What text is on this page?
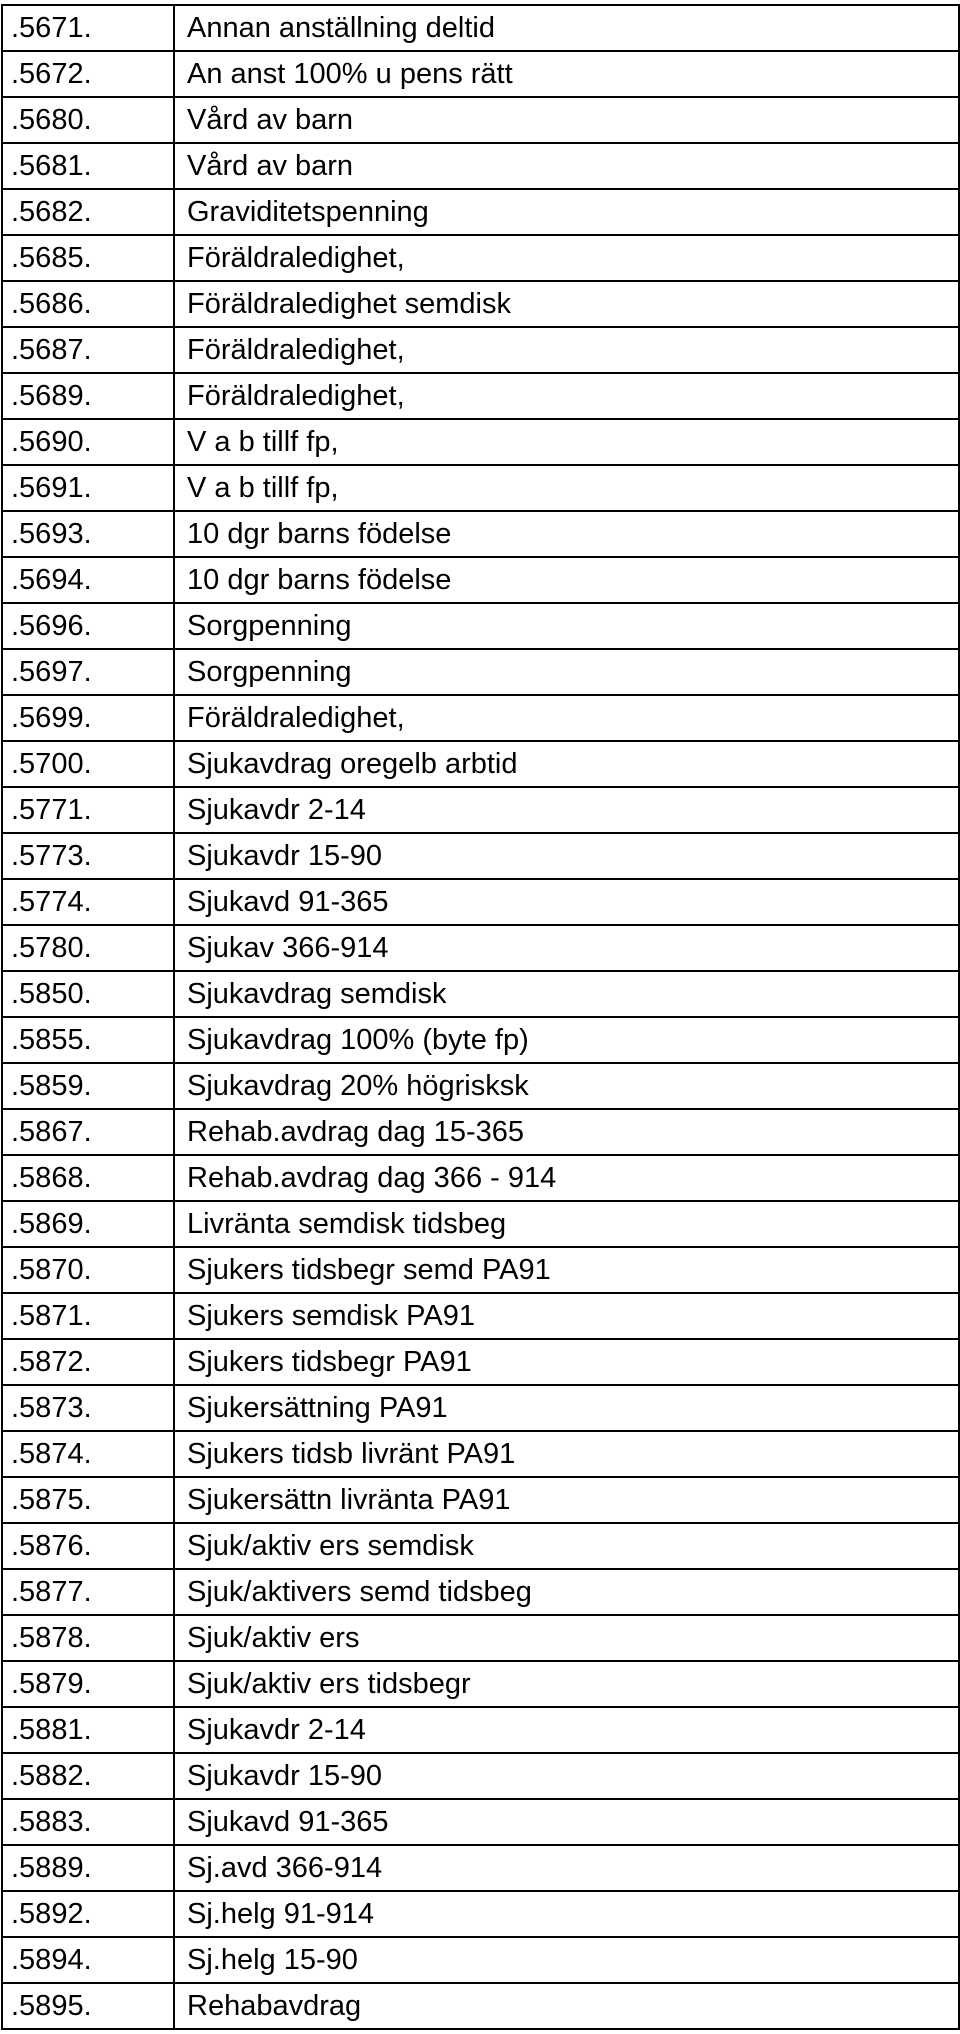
.5671.	Annan anställning deltid
.5672.	An anst 100% u pens rätt
.5680.	Vård av barn
.5681.	Vård av barn
.5682.	Graviditetspenning
.5685.	Föräldraledighet,
.5686.	Föräldraledighet semdisk
.5687.	Föräldraledighet,
.5689.	Föräldraledighet,
.5690.	V a b tillf fp,
.5691.	V a b tillf fp,
.5693.	10 dgr barns födelse
.5694.	10 dgr barns födelse
.5696.	Sorgpenning
.5697.	Sorgpenning
.5699.	Föräldraledighet,
.5700.	Sjukavdrag oregelb arbtid
.5771.	Sjukavdr 2-14
.5773.	Sjukavdr 15-90
.5774.	Sjukavd 91-365
.5780.	Sjukav 366-914
.5850.	Sjukavdrag semdisk
.5855.	Sjukavdrag 100% (byte fp)
.5859.	Sjukavdrag 20% högrisksk
.5867.	Rehab.avdrag dag 15-365
.5868.	Rehab.avdrag dag 366 - 914
.5869.	Livränta semdisk tidsbeg
.5870.	Sjukers tidsbegr semd PA91
.5871.	Sjukers semdisk PA91
.5872.	Sjukers tidsbegr PA91
.5873.	Sjukersättning PA91
.5874.	Sjukers tidsb livränt PA91
.5875.	Sjukersättn livränta PA91
.5876.	Sjuk/aktiv ers semdisk
.5877.	Sjuk/aktivers semd tidsbeg
.5878.	Sjuk/aktiv ers
.5879.	Sjuk/aktiv ers tidsbegr
.5881.	Sjukavdr 2-14
.5882.	Sjukavdr 15-90
.5883.	Sjukavd 91-365
.5889.	Sj.avd 366-914
.5892.	Sj.helg 91-914
.5894.	Sj.helg 15-90
.5895.	Rehabavdrag
